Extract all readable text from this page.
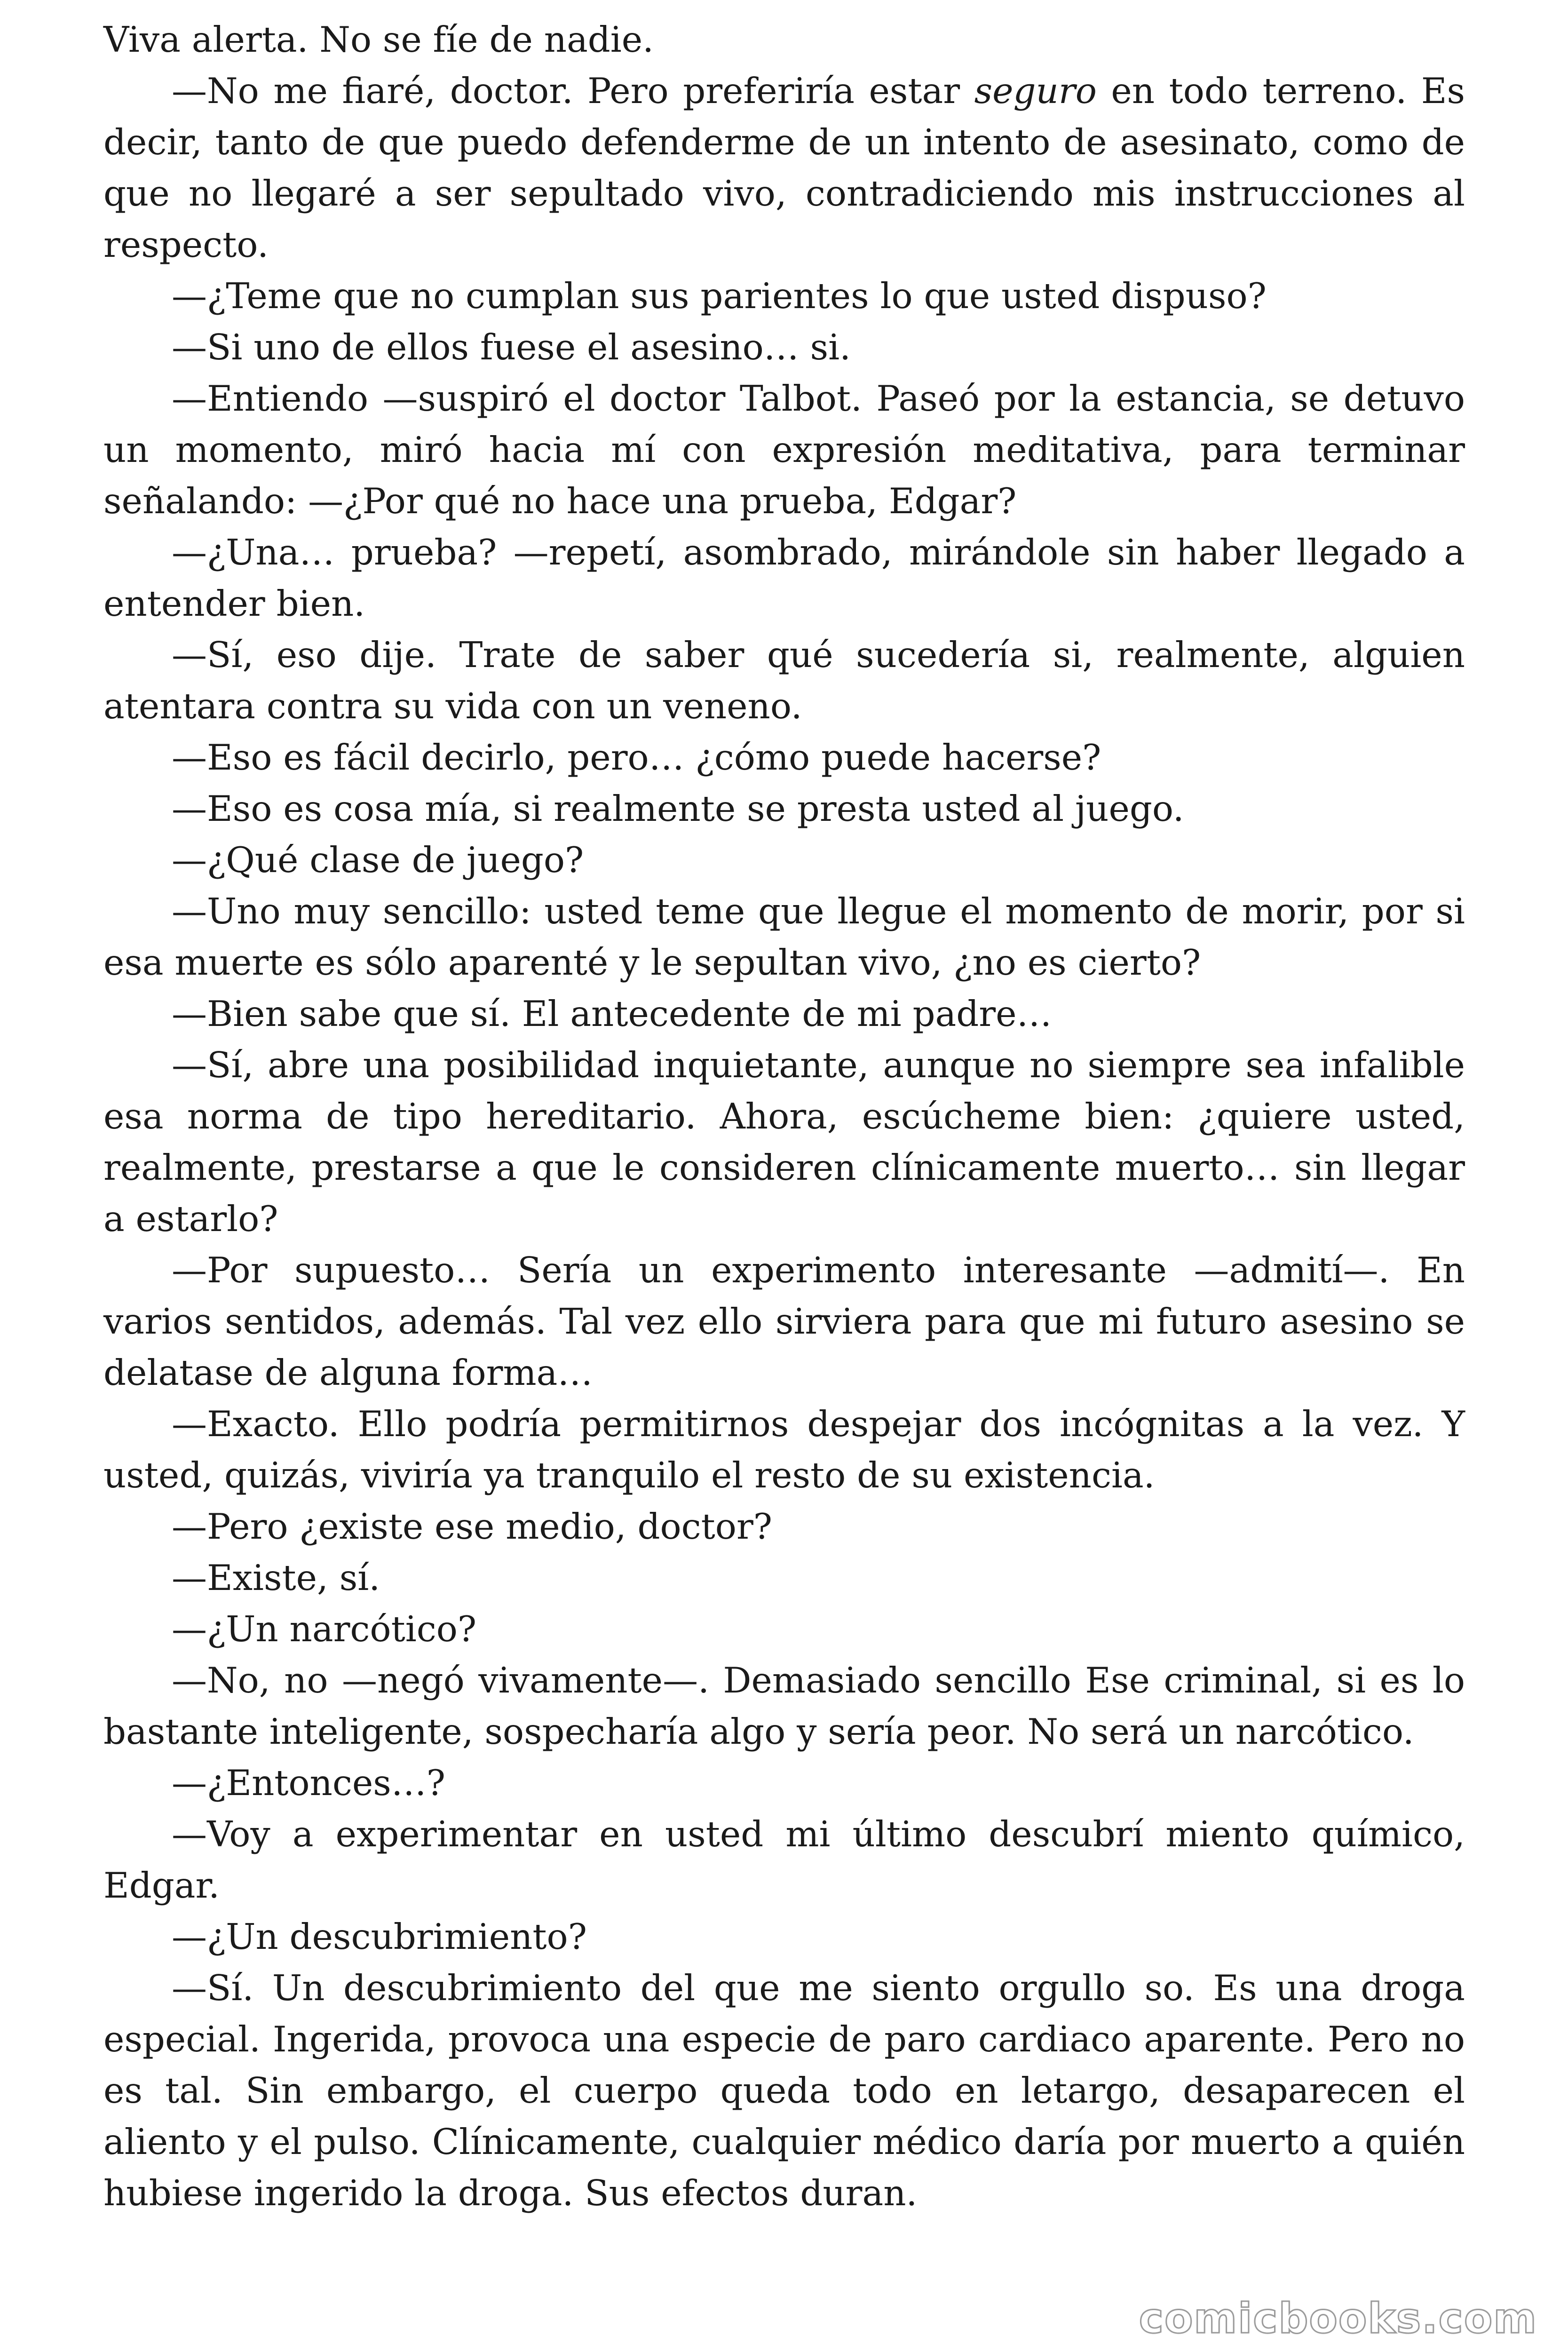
Viva alerta. No se fíe de nadie.

—No me fiaré, doctor. Pero preferiría estar seguro en todo terreno. Es decir, tanto de que puedo defenderme de un intento de asesinato, como de que no llegaré a ser sepultado vivo, contradiciendo mis instrucciones al respecto.

—¿Teme que no cumplan sus parientes lo que usted dispuso?

—Si uno de ellos fuese el asesino… si.

—Entiendo —suspiró el doctor Talbot. Paseó por la estancia, se detuvo un momento, miró hacia mí con expresión meditativa, para terminar señalando: —¿Por qué no hace una prueba, Edgar?

—¿Una… prueba? —repetí, asombrado, mirándole sin haber llegado a entender bien.

—Sí, eso dije. Trate de saber qué sucedería si, realmente, alguien atentara contra su vida con un veneno.

—Eso es fácil decirlo, pero… ¿cómo puede hacerse?

—Eso es cosa mía, si realmente se presta usted al juego.

—¿Qué clase de juego?

—Uno muy sencillo: usted teme que llegue el momento de morir, por si esa muerte es sólo aparenté y le sepultan vivo, ¿no es cierto?

—Bien sabe que sí. El antecedente de mi padre…

—Sí, abre una posibilidad inquietante, aunque no siempre sea infalible esa norma de tipo hereditario. Ahora, escúcheme bien: ¿quiere usted, realmente, prestarse a que le consideren clínicamente muerto… sin llegar a estarlo?

—Por supuesto… Sería un experimento interesante —admití—. En varios sentidos, además. Tal vez ello sirviera para que mi futuro asesino se delatase de alguna forma…

—Exacto. Ello podría permitirnos despejar dos incógnitas a la vez. Y usted, quizás, viviría ya tranquilo el resto de su existencia.

—Pero ¿existe ese medio, doctor?

—Existe, sí.

—¿Un narcótico?

—No, no —negó vivamente—. Demasiado sencillo Ese criminal, si es lo bastante inteligente, sospecharía algo y sería peor. No será un narcótico.

—¿Entonces…?

—Voy a experimentar en usted mi último descubrí miento químico, Edgar.

—¿Un descubrimiento?

—Sí. Un descubrimiento del que me siento orgullo so. Es una droga especial. Ingerida, provoca una especie de paro cardiaco aparente. Pero no es tal. Sin embargo, el cuerpo queda todo en letargo, desaparecen el aliento y el pulso. Clínicamente, cualquier médico daría por muerto a quién hubiese ingerido la droga. Sus efectos duran.

comicbooks.com
